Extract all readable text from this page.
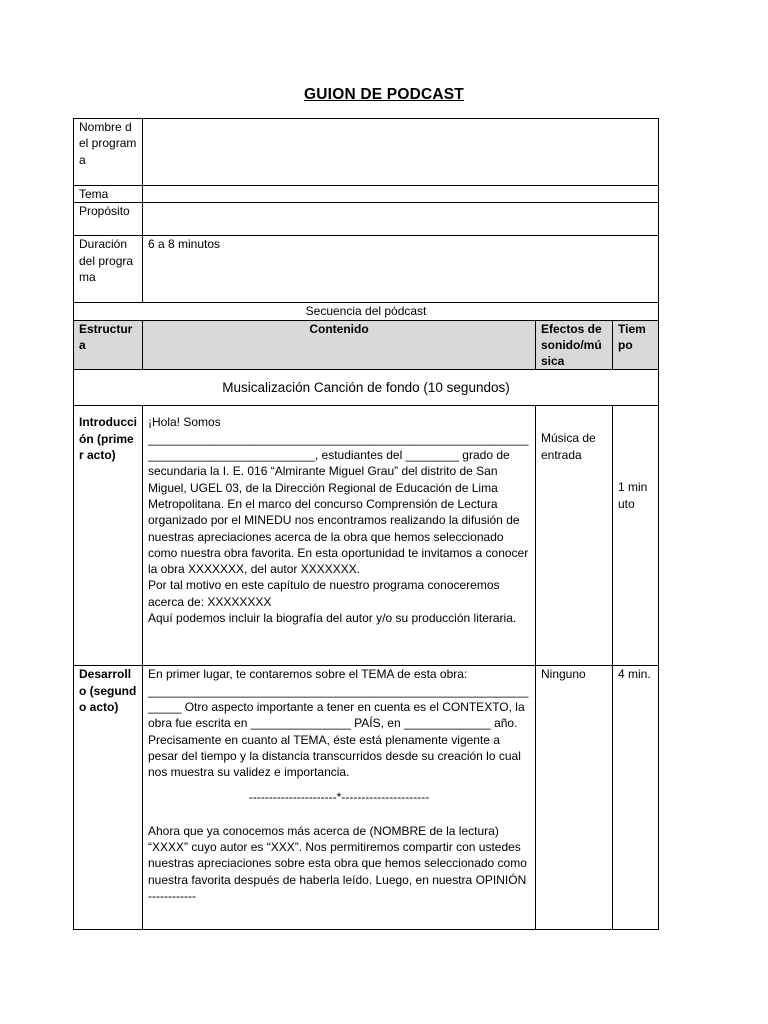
GUION DE PODCAST
Nombre del programa			
Tema			
Propósito			
Duración del programa	6 a 8 minutos		
Secuencia del pódcast			
Estructura	Contenido	Efectos de sonido/música	Tiempo
Musicalización Canción de fondo (10 segundos)			
Introducción (primer acto)	¡Hola! Somos _________________________________________________________ _________________________, estudiantes del ________ grado de secundaria la I. E. 016 “Almirante Miguel Grau” del distrito de San Miguel, UGEL 03, de la Dirección Regional de Educación de Lima Metropolitana. En el marco del concurso Comprensión de Lectura organizado por el MINEDU nos encontramos realizando la difusión de nuestras apreciaciones acerca de la obra que hemos seleccionado como nuestra obra favorita. En esta oportunidad te invitamos a conocer la obra XXXXXXX, del autor XXXXXXX.

Por tal motivo en este capítulo de nuestro programa conoceremos acerca de: XXXXXXXX

Aquí podemos incluir la biografía del autor y/o su producción literaria.	Música de entrada	1 minuto
Desarrollo (segundo acto)	En primer lugar, te contaremos sobre el TEMA de esta obra: _________________________________________________________ _____ Otro aspecto importante a tener en cuenta es el CONTEXTO, la obra fue escrita en _______________ PAÍS, en _____________ año. Precisamente en cuanto al TEMA, éste está plenamente vigente a pesar del tiempo y la distancia transcurridos desde su creación lo cual nos muestra su validez e importancia.

----------------------*----------------------

Ahora que ya conocemos más acerca de (NOMBRE de la lectura) “XXXX” cuyo autor es “XXX”. Nos permitiremos compartir con ustedes nuestras apreciaciones sobre esta obra que hemos seleccionado como nuestra favorita después de haberla leído. Luego, en nuestra OPINIÓN ------------	Ninguno	4 min.
